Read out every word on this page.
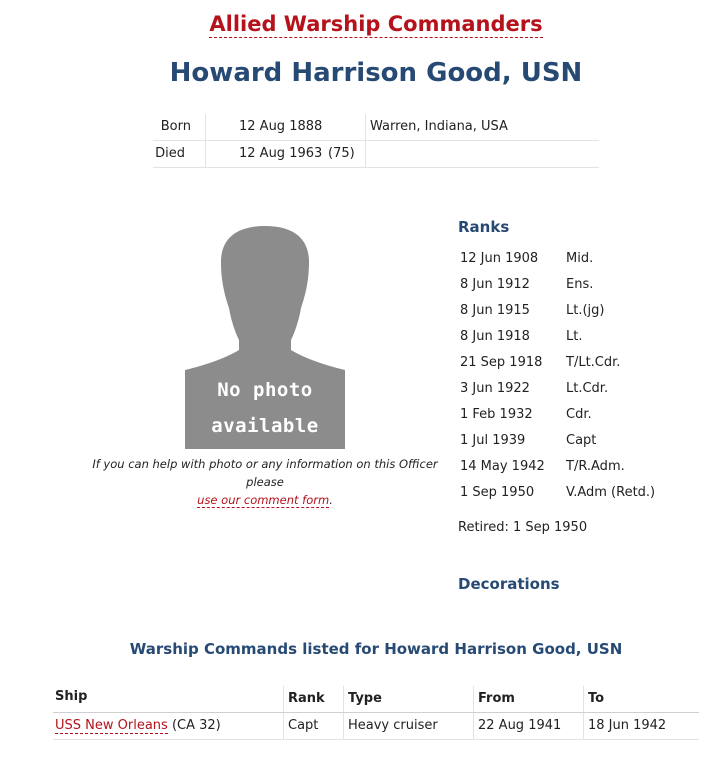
Allied Warship Commanders
Howard Harrison Good, USN
Born	12 Aug 1888	Warren, Indiana, USA
Died	12 Aug 1963 (75)
No photo
available
If you can help with photo or any information on this Officer please
use our comment form.
Ranks
12 Jun 1908 Mid.
8 Jun 1912	Ens.
8 Jun 1915	Lt.(jg)
8 Jun 1918	Lt.
21 Sep 1918 T/Lt.Cdr.
3 Jun 1922	Lt.Cdr.
1 Feb 1932	Cdr.
1 Jul 1939	Capt
14 May 1942 T/R.Adm.
1 Sep 1950 V.Adm (Retd.)
Retired: 1 Sep 1950
Decorations
Warship Commands listed for Howard Harrison Good, USN
Ship	Rank	Type	From	To
USS New Orleans (CA 32)	Capt	Heavy cruiser	22 Aug 1941	18 Jun 1942
